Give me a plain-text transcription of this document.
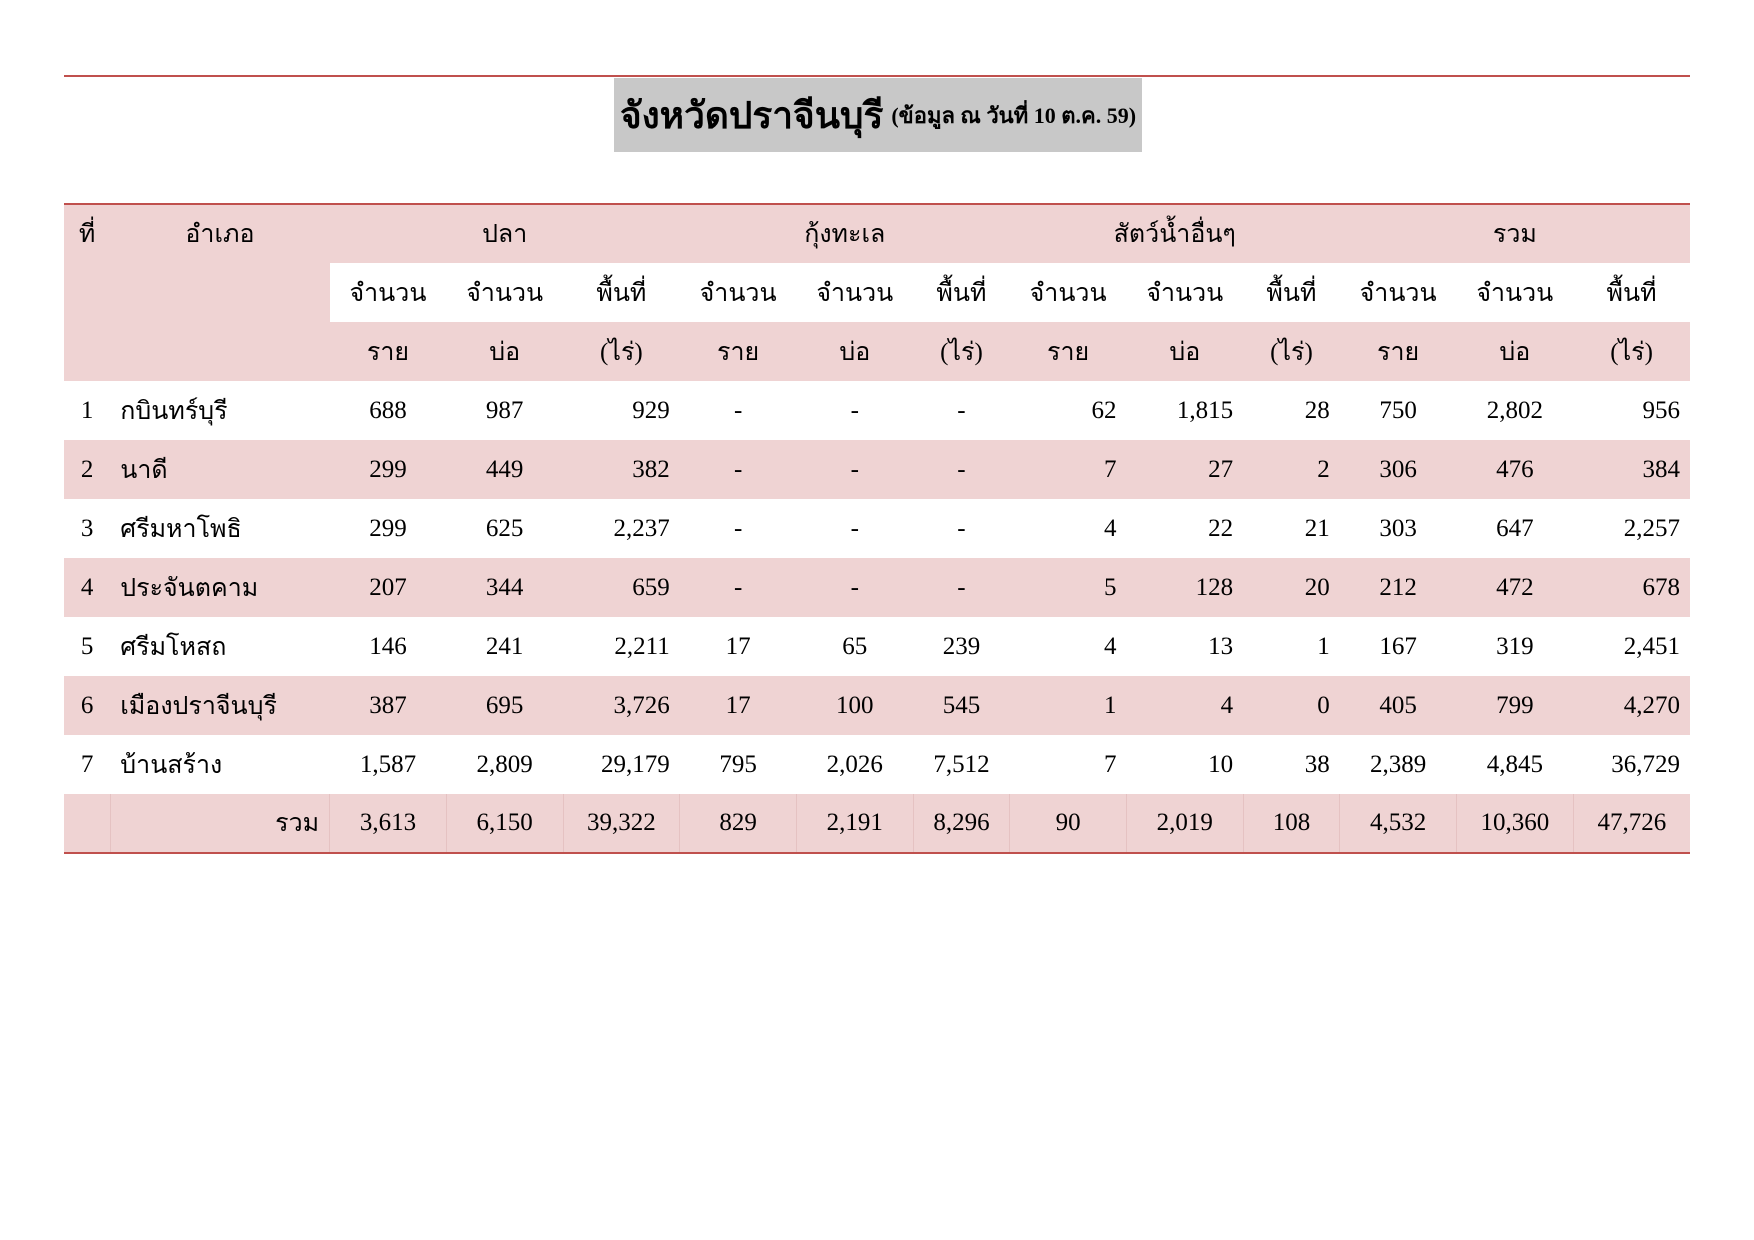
จังหวัดปราจีนบุรี (ข้อมูล ณ วันที่ 10 ต.ค. 59)
ที่	อำเภอ	ปลา			กุ้งทะเล			สัตว์น้ำอื่นๆ			รวม		
		จำนวน	จำนวน	พื้นที่	จำนวน	จำนวน	พื้นที่	จำนวน	จำนวน	พื้นที่	จำนวน	จำนวน	พื้นที่
		ราย	บ่อ	(ไร่)	ราย	บ่อ	(ไร่)	ราย	บ่อ	(ไร่)	ราย	บ่อ	(ไร่)
1	กบินทร์บุรี	688	987	929	-	-	-	62	1,815	28	750	2,802	956
2	นาดี	299	449	382	-	-	-	7	27	2	306	476	384
3	ศรีมหาโพธิ	299	625	2,237	-	-	-	4	22	21	303	647	2,257
4	ประจันตคาม	207	344	659	-	-	-	5	128	20	212	472	678
5	ศรีมโหสถ	146	241	2,211	17	65	239	4	13	1	167	319	2,451
6	เมืองปราจีนบุรี	387	695	3,726	17	100	545	1	4	0	405	799	4,270
7	บ้านสร้าง	1,587	2,809	29,179	795	2,026	7,512	7	10	38	2,389	4,845	36,729
	รวม	3,613	6,150	39,322	829	2,191	8,296	90	2,019	108	4,532	10,360	47,726
